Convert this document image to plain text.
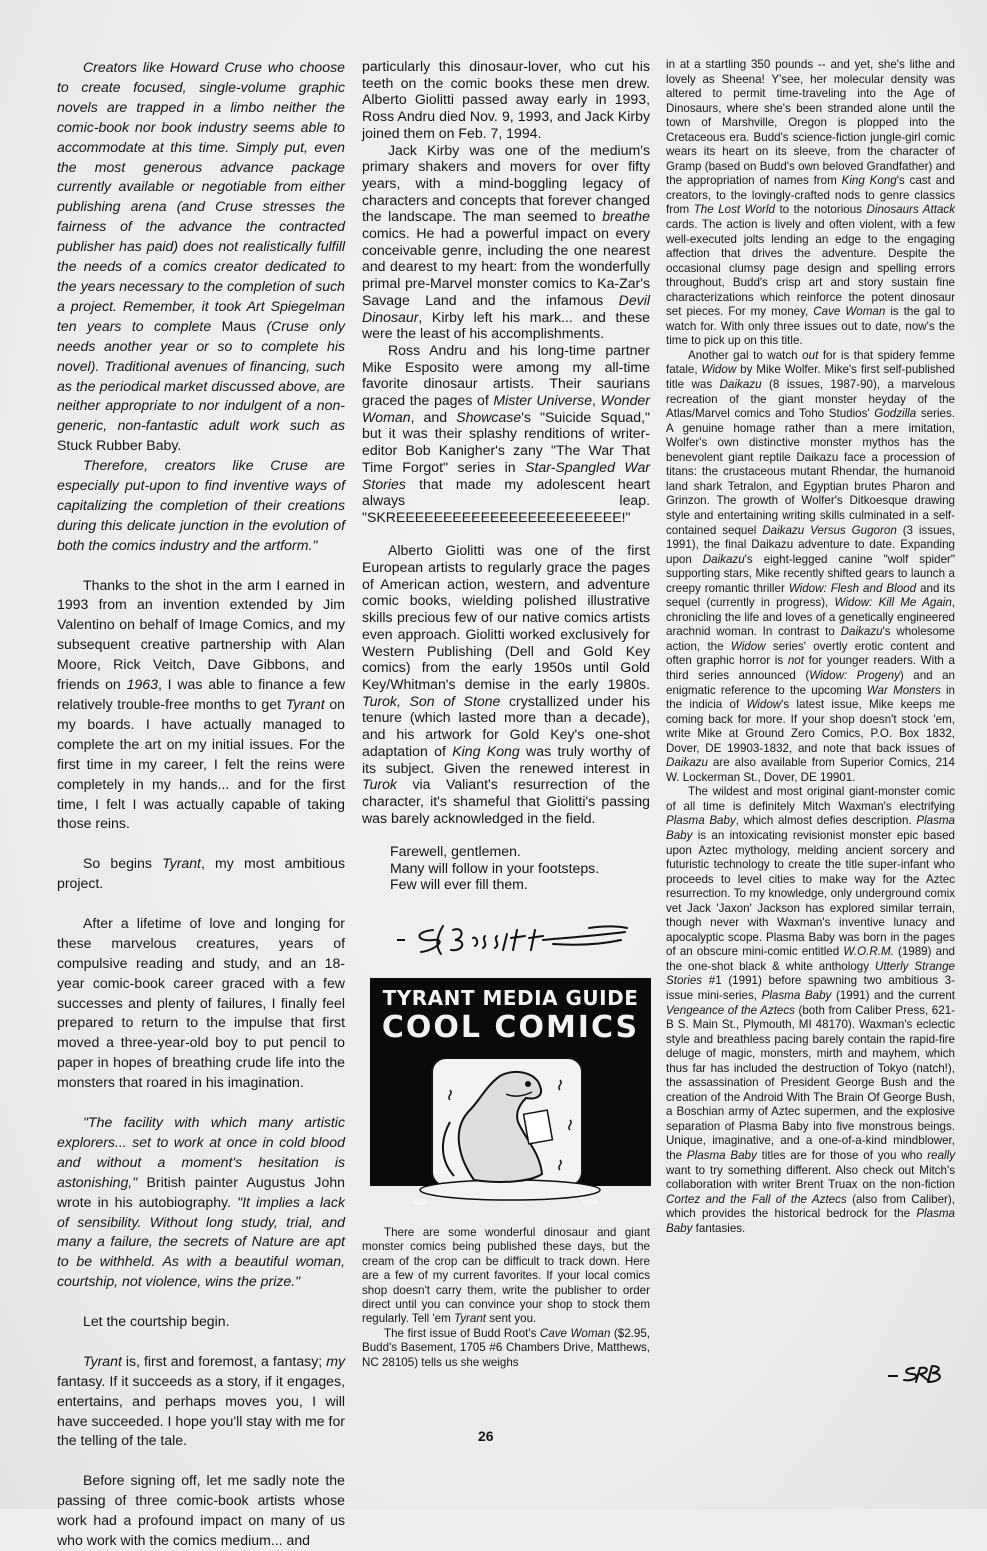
Creators like Howard Cruse who choose to create focused, single-volume graphic novels are trapped in a limbo neither the comic-book nor book industry seems able to accommodate at this time. Simply put, even the most generous advance package currently available or negotiable from either publishing arena (and Cruse stresses the fairness of the advance the contracted publisher has paid) does not realistically fulfill the needs of a comics creator dedicated to the years necessary to the completion of such a project. Remember, it took Art Spiegelman ten years to complete Maus (Cruse only needs another year or so to complete his novel). Traditional avenues of financing, such as the periodical market discussed above, are neither appropriate to nor indulgent of a non-generic, non-fantastic adult work such as Stuck Rubber Baby.

Therefore, creators like Cruse are especially put-upon to find inventive ways of capitalizing the completion of their creations during this delicate junction in the evolution of both the comics industry and the artform."

Thanks to the shot in the arm I earned in 1993 from an invention extended by Jim Valentino on behalf of Image Comics, and my subsequent creative partnership with Alan Moore, Rick Veitch, Dave Gibbons, and friends on 1963, I was able to finance a few relatively trouble-free months to get Tyrant on my boards. I have actually managed to complete the art on my initial issues. For the first time in my career, I felt the reins were completely in my hands... and for the first time, I felt I was actually capable of taking those reins.

So begins Tyrant, my most ambitious project.

After a lifetime of love and longing for these marvelous creatures, years of compulsive reading and study, and an 18-year comic-book career graced with a few successes and plenty of failures, I finally feel prepared to return to the impulse that first moved a three-year-old boy to put pencil to paper in hopes of breathing crude life into the monsters that roared in his imagination.

"The facility with which many artistic explorers... set to work at once in cold blood and without a moment's hesitation is astonishing," British painter Augustus John wrote in his autobiography. "It implies a lack of sensibility. Without long study, trial, and many a failure, the secrets of Nature are apt to be withheld. As with a beautiful woman, courtship, not violence, wins the prize."

Let the courtship begin.

Tyrant is, first and foremost, a fantasy; my fantasy. If it succeeds as a story, if it engages, entertains, and perhaps moves you, I will have succeeded. I hope you'll stay with me for the telling of the tale.

Before signing off, let me sadly note the passing of three comic-book artists whose work had a profound impact on many of us who work with the comics medium... and

particularly this dinosaur-lover, who cut his teeth on the comic books these men drew. Alberto Giolitti passed away early in 1993, Ross Andru died Nov. 9, 1993, and Jack Kirby joined them on Feb. 7, 1994.

Jack Kirby was one of the medium's primary shakers and movers for over fifty years, with a mind-boggling legacy of characters and concepts that forever changed the landscape. The man seemed to breathe comics. He had a powerful impact on every conceivable genre, including the one nearest and dearest to my heart: from the wonderfully primal pre-Marvel monster comics to Ka-Zar's Savage Land and the infamous Devil Dinosaur, Kirby left his mark... and these were the least of his accomplishments.

Ross Andru and his long-time partner Mike Esposito were among my all-time favorite dinosaur artists. Their saurians graced the pages of Mister Universe, Wonder Woman, and Showcase's "Suicide Squad," but it was their splashy renditions of writer-editor Bob Kanigher's zany "The War That Time Forgot" series in Star-Spangled War Stories that made my adolescent heart always leap. "SKREEEEEEEEEEEEEEEEEEEEEEEE!"

Alberto Giolitti was one of the first European artists to regularly grace the pages of American action, western, and adventure comic books, wielding polished illustrative skills precious few of our native comics artists even approach. Giolitti worked exclusively for Western Publishing (Dell and Gold Key comics) from the early 1950s until Gold Key/Whitman's demise in the early 1980s. Turok, Son of Stone crystallized under his tenure (which lasted more than a decade), and his artwork for Gold Key's one-shot adaptation of King Kong was truly worthy of its subject. Given the renewed interest in Turok via Valiant's resurrection of the character, it's shameful that Giolitti's passing was barely acknowledged in the field.

Farewell, gentlemen.

Many will follow in your footsteps.

Few will ever fill them.

TYRANT MEDIA GUIDE
COOL COMICS

There are some wonderful dinosaur and giant monster comics being published these days, but the cream of the crop can be difficult to track down. Here are a few of my current favorites. If your local comics shop doesn't carry them, write the publisher to order direct until you can convince your shop to stock them regularly. Tell 'em Tyrant sent you.

The first issue of Budd Root's Cave Woman ($2.95, Budd's Basement, 1705 #6 Chambers Drive, Matthews, NC 28105) tells us she weighs

in at a startling 350 pounds -- and yet, she's lithe and lovely as Sheena! Y'see, her molecular density was altered to permit time-traveling into the Age of Dinosaurs, where she's been stranded alone until the town of Marshville, Oregon is plopped into the Cretaceous era. Budd's science-fiction jungle-girl comic wears its heart on its sleeve, from the character of Gramp (based on Budd's own beloved Grandfather) and the appropriation of names from King Kong's cast and creators, to the lovingly-crafted nods to genre classics from The Lost World to the notorious Dinosaurs Attack cards. The action is lively and often violent, with a few well-executed jolts lending an edge to the engaging affection that drives the adventure. Despite the occasional clumsy page design and spelling errors throughout, Budd's crisp art and story sustain fine characterizations which reinforce the potent dinosaur set pieces. For my money, Cave Woman is the gal to watch for. With only three issues out to date, now's the time to pick up on this title.

Another gal to watch out for is that spidery femme fatale, Widow by Mike Wolfer. Mike's first self-published title was Daikazu (8 issues, 1987-90), a marvelous recreation of the giant monster heyday of the Atlas/Marvel comics and Toho Studios' Godzilla series. A genuine homage rather than a mere imitation, Wolfer's own distinctive monster mythos has the benevolent giant reptile Daikazu face a procession of titans: the crustaceous mutant Rhendar, the humanoid land shark Tetralon, and Egyptian brutes Pharon and Grinzon. The growth of Wolfer's Ditkoesque drawing style and entertaining writing skills culminated in a self-contained sequel Daikazu Versus Gugoron (3 issues, 1991), the final Daikazu adventure to date. Expanding upon Daikazu's eight-legged canine "wolf spider" supporting stars, Mike recently shifted gears to launch a creepy romantic thriller Widow: Flesh and Blood and its sequel (currently in progress), Widow: Kill Me Again, chronicling the life and loves of a genetically engineered arachnid woman. In contrast to Daikazu's wholesome action, the Widow series' overtly erotic content and often graphic horror is not for younger readers. With a third series announced (Widow: Progeny) and an enigmatic reference to the upcoming War Monsters in the indicia of Widow's latest issue, Mike keeps me coming back for more. If your shop doesn't stock 'em, write Mike at Ground Zero Comics, P.O. Box 1832, Dover, DE 19903-1832, and note that back issues of Daikazu are also available from Superior Comics, 214 W. Lockerman St., Dover, DE 19901.

The wildest and most original giant-monster comic of all time is definitely Mitch Waxman's electrifying Plasma Baby, which almost defies description. Plasma Baby is an intoxicating revisionist monster epic based upon Aztec mythology, melding ancient sorcery and futuristic technology to create the title super-infant who proceeds to level cities to make way for the Aztec resurrection. To my knowledge, only underground comix vet Jack 'Jaxon' Jackson has explored similar terrain, though never with Waxman's inventive lunacy and apocalyptic scope. Plasma Baby was born in the pages of an obscure mini-comic entitled W.O.R.M. (1989) and the one-shot black & white anthology Utterly Strange Stories #1 (1991) before spawning two ambitious 3-issue mini-series, Plasma Baby (1991) and the current Vengeance of the Aztecs (both from Caliber Press, 621-B S. Main St., Plymouth, MI 48170). Waxman's eclectic style and breathless pacing barely contain the rapid-fire deluge of magic, monsters, mirth and mayhem, which thus far has included the destruction of Tokyo (natch!), the assassination of President George Bush and the creation of the Android With The Brain Of George Bush, a Boschian army of Aztec supermen, and the explosive separation of Plasma Baby into five monstrous beings. Unique, imaginative, and a one-of-a-kind mindblower, the Plasma Baby titles are for those of you who really want to try something different. Also check out Mitch's collaboration with writer Brent Truax on the non-fiction Cortez and the Fall of the Aztecs (also from Caliber), which provides the historical bedrock for the Plasma Baby fantasies.

26
